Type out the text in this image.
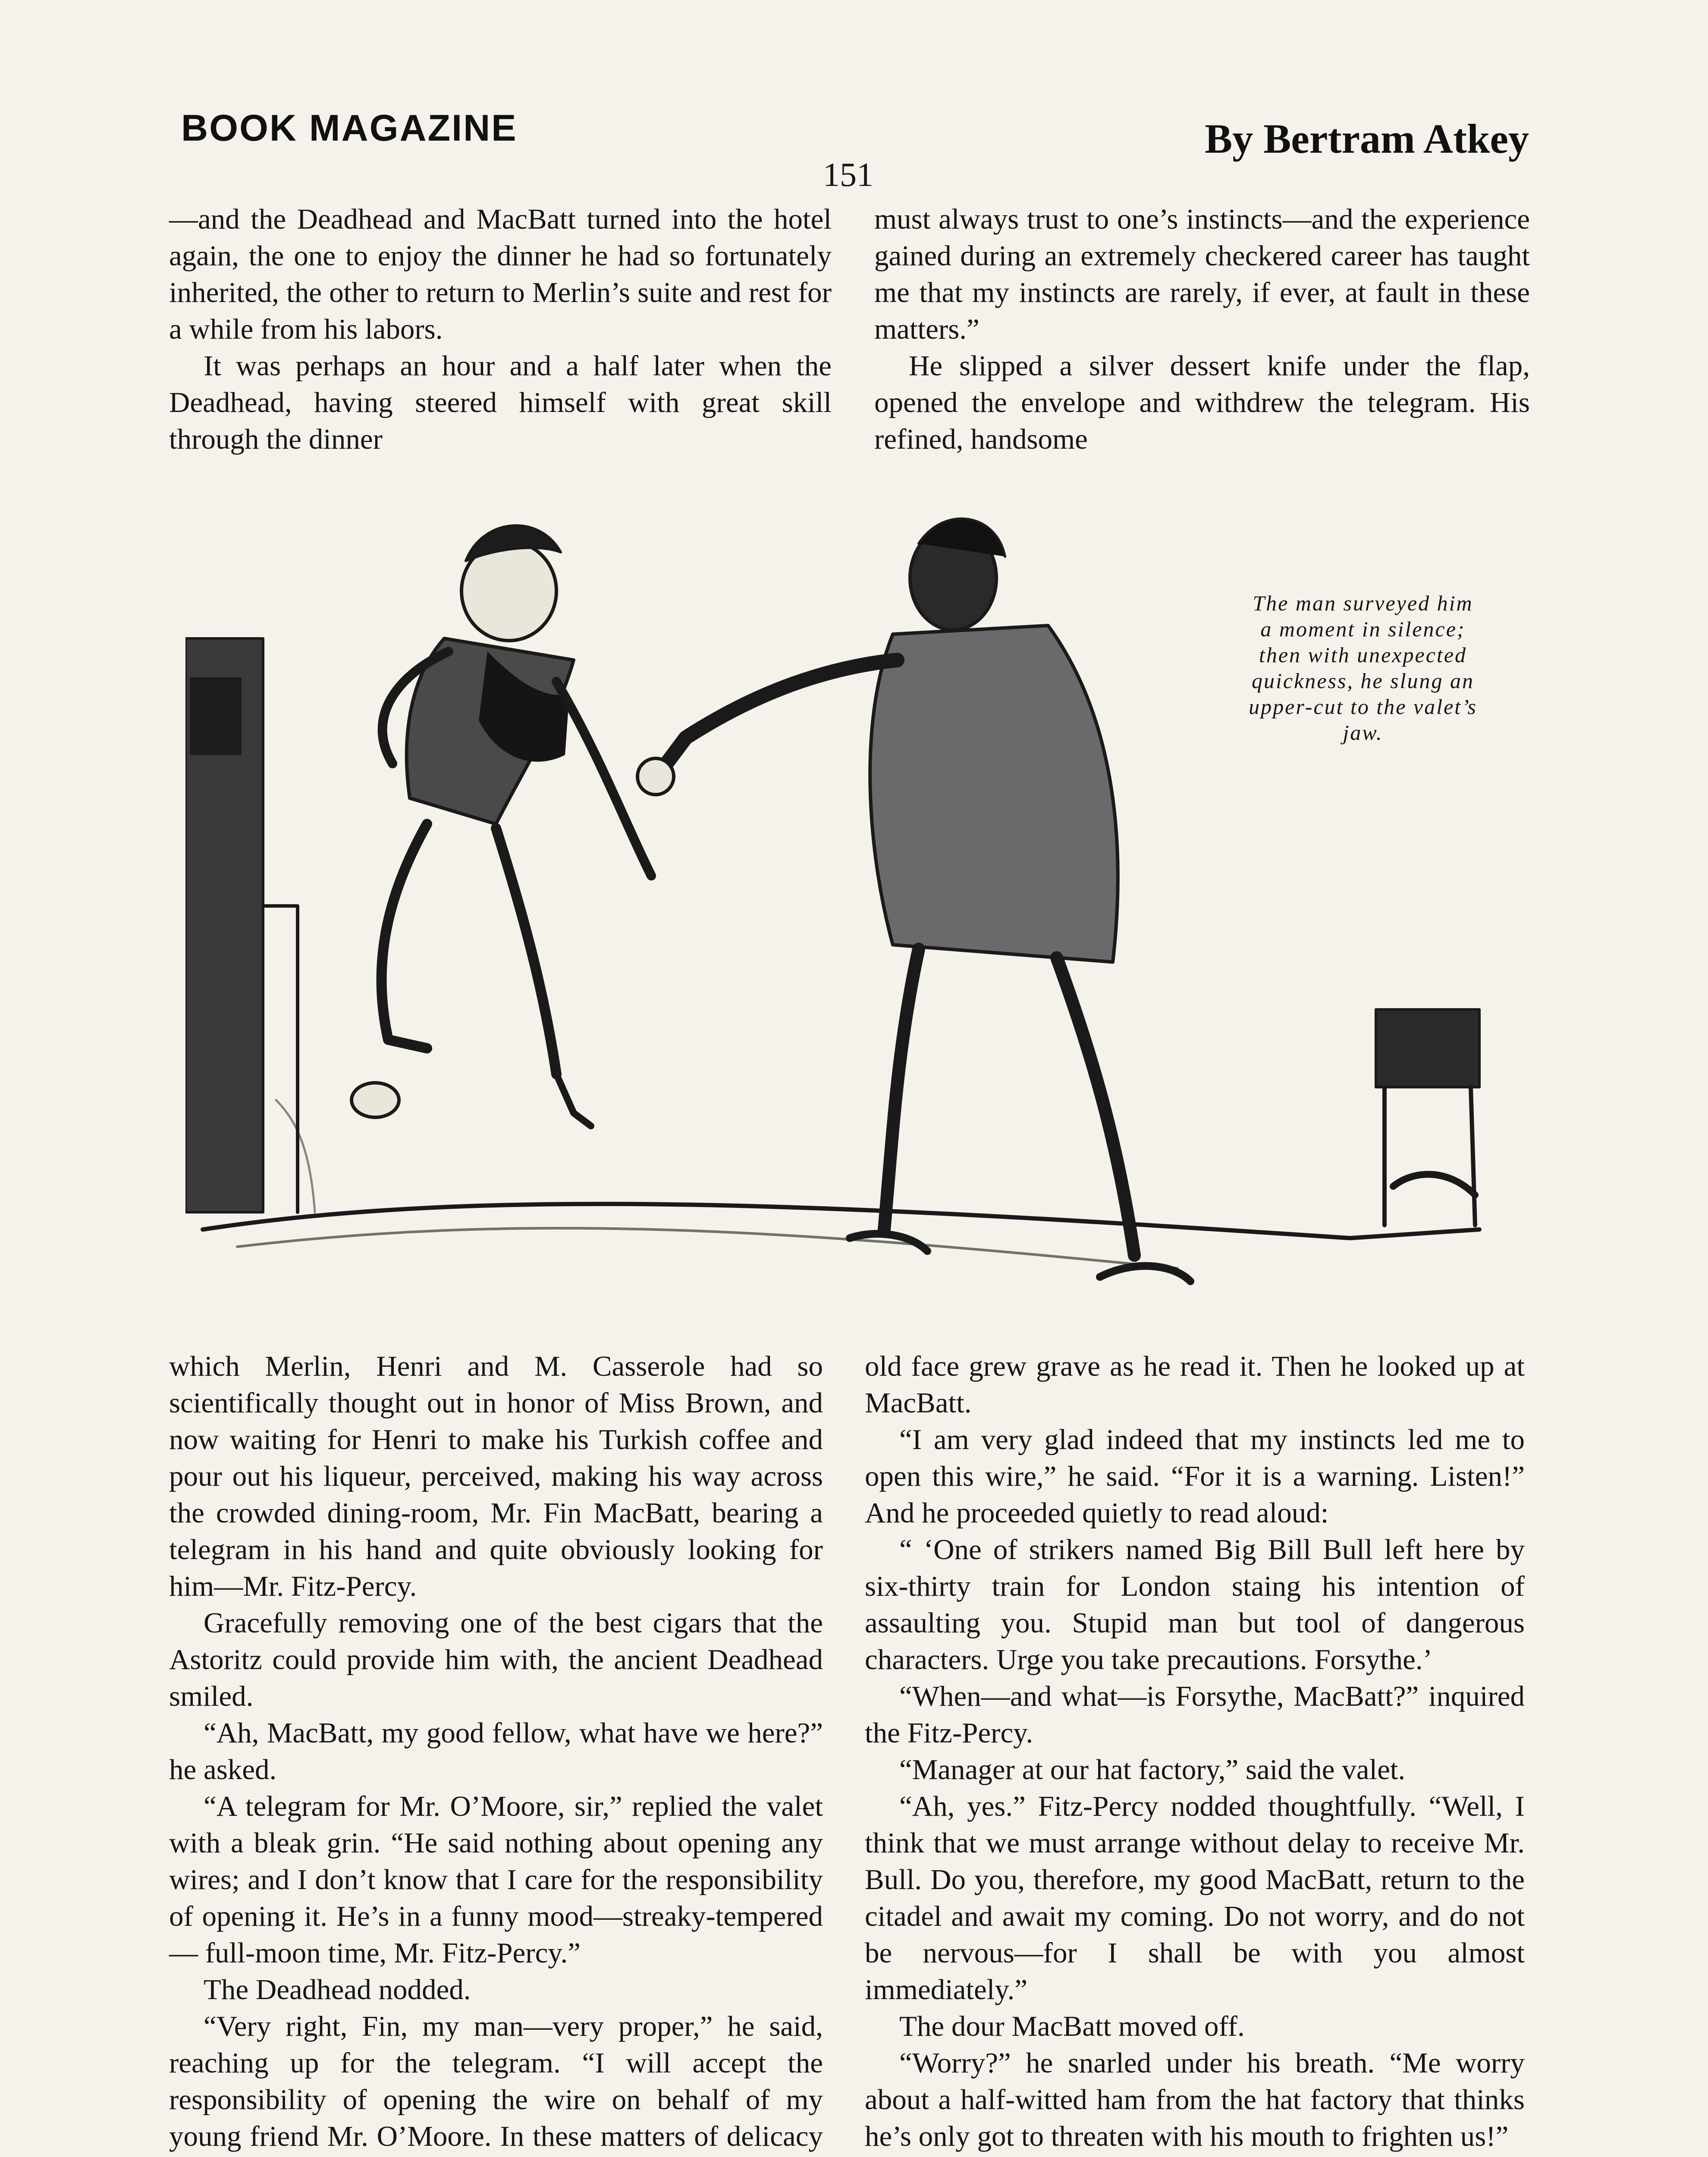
BOOK MAGAZINE	By Bertram Atkey
151

—and the Deadhead and MacBatt turned into the hotel again, the one to enjoy the dinner he had so fortunately inherited, the other to return to Merlin’s suite and rest for a while from his labors.

It was perhaps an hour and a half later when the Deadhead, having steered himself with great skill through the dinner

must always trust to one’s instincts—and the experience gained during an extremely checkered career has taught me that my instincts are rarely, if ever, at fault in these matters.”

He slipped a silver dessert knife under the flap, opened the envelope and withdrew the telegram. His refined, handsome

The man surveyed him a moment in silence; then with unexpected quickness, he slung an upper-cut to the valet’s jaw.

which Merlin, Henri and M. Casserole had so scientifically thought out in honor of Miss Brown, and now waiting for Henri to make his Turkish coffee and pour out his liqueur, perceived, making his way across the crowded dining-room, Mr. Fin MacBatt, bearing a telegram in his hand and quite obviously looking for him—Mr. Fitz-Percy.

Gracefully removing one of the best cigars that the Astoritz could provide him with, the ancient Deadhead smiled.

“Ah, MacBatt, my good fellow, what have we here?” he asked.

“A telegram for Mr. O’Moore, sir,” replied the valet with a bleak grin. “He said nothing about opening any wires; and I don’t know that I care for the responsibility of opening it. He’s in a funny mood—streaky-tempered — full-moon time, Mr. Fitz-Percy.”

The Deadhead nodded.

“Very right, Fin, my man—very proper,” he said, reaching up for the telegram. “I will accept the responsibility of opening the wire on behalf of my young friend Mr. O’Moore. In these matters of delicacy

old face grew grave as he read it. Then he looked up at MacBatt.

“I am very glad indeed that my instincts led me to open this wire,” he said. “For it is a warning. Listen!” And he proceeded quietly to read aloud:

“ ‘One of strikers named Big Bill Bull left here by six-thirty train for London staing his intention of assaulting you. Stupid man but tool of dangerous characters. Urge you take precautions. Forsythe.’

“When—and what—is Forsythe, MacBatt?” inquired the Fitz-Percy.

“Manager at our hat factory,” said the valet.

“Ah, yes.” Fitz-Percy nodded thoughtfully. “Well, I think that we must arrange without delay to receive Mr. Bull. Do you, therefore, my good MacBatt, return to the citadel and await my coming. Do not worry, and do not be nervous—for I shall be with you almost immediately.”

The dour MacBatt moved off.

“Worry?” he snarled under his breath. “Me worry about a half-witted ham from the hat factory that thinks he’s only got to threaten with his mouth to frighten us!”
